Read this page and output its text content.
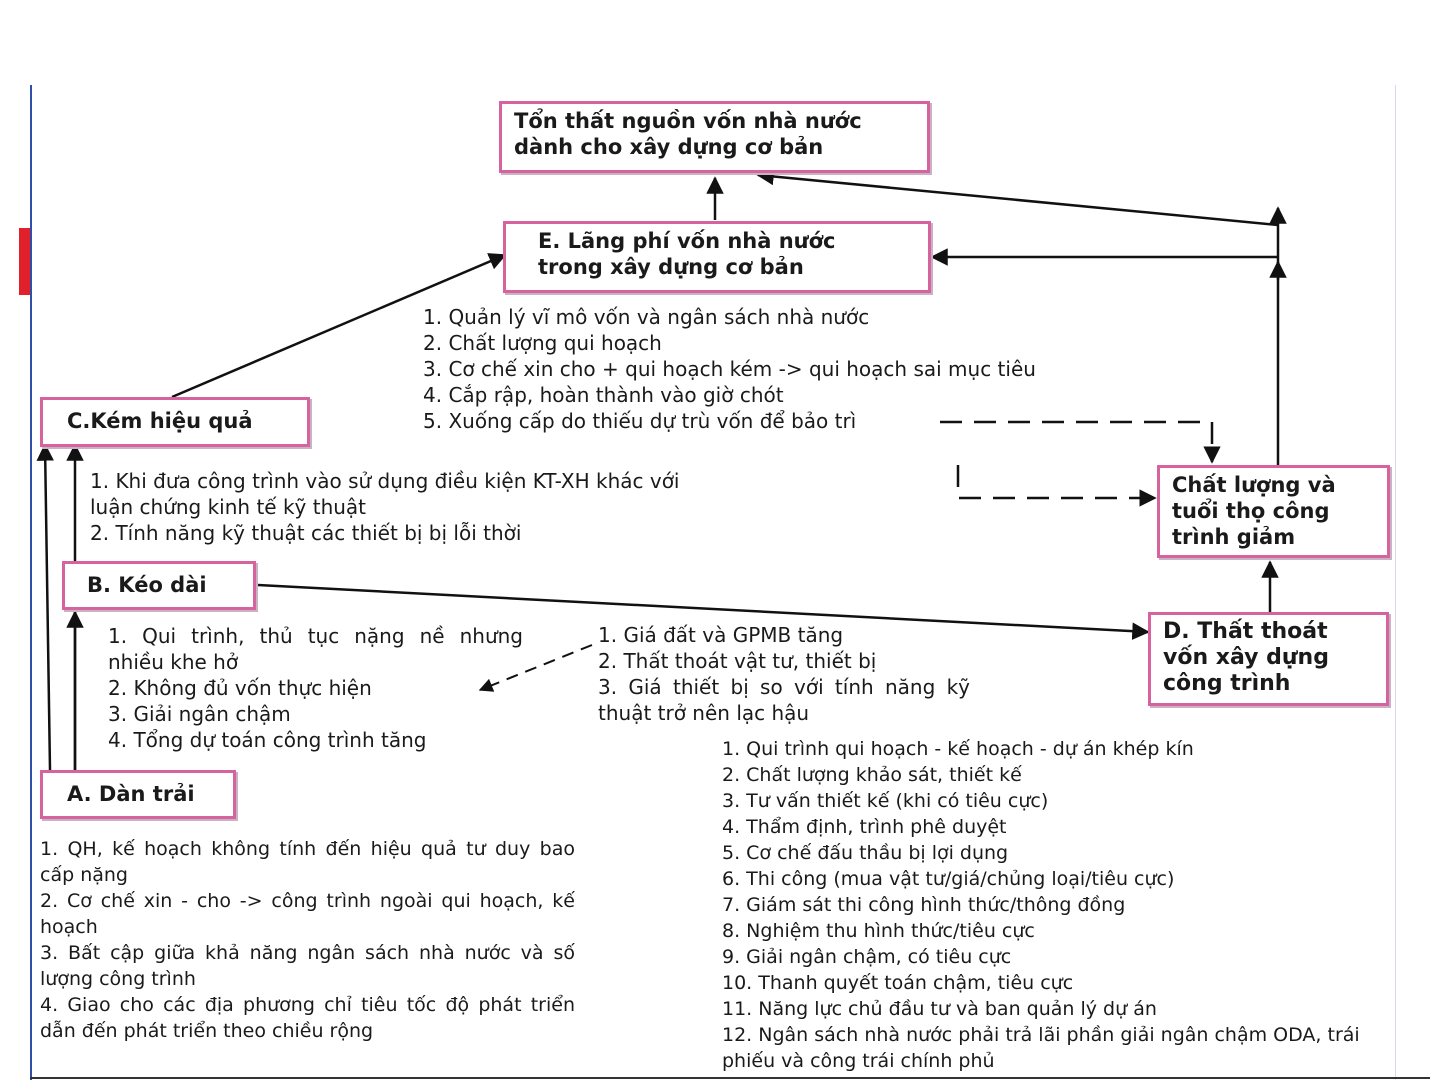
Tổn thất nguồn vốn nhà nước
dành cho xây dựng cơ bản
E. Lãng phí vốn nhà nước
trong xây dựng cơ bản
C.Kém hiệu quả
B. Kéo dài
A. Dàn trải
Chất lượng và
tuổi thọ công
trình giảm
D. Thất thoát
vốn xây dựng
công trình
1. Quản lý vĩ mô vốn và ngân sách nhà nước
2. Chất lượng qui hoạch
3. Cơ chế xin cho + qui hoạch kém -> qui hoạch sai mục tiêu
4. Cắp rập, hoàn thành vào giờ chót
5. Xuống cấp do thiếu dự trù vốn để bảo trì
1. Khi đưa công trình vào sử dụng điều kiện KT-XH khác với luận chứng kinh tế kỹ thuật
2. Tính năng kỹ thuật các thiết bị bị lỗi thời
1. Qui trình, thủ tục nặng nề nhưng nhiều khe hở
2. Không đủ vốn thực hiện
3. Giải ngân chậm
4. Tổng dự toán công trình tăng
1. Giá đất và GPMB tăng
2. Thất thoát vật tư, thiết bị
3. Giá thiết bị so với tính năng kỹ thuật trở nên lạc hậu
1. QH, kế hoạch không tính đến hiệu quả tư duy bao cấp nặng
2. Cơ chế xin - cho -> công trình ngoài qui hoạch, kế hoạch
3. Bất cập giữa khả năng ngân sách nhà nước và số lượng công trình
4. Giao cho các địa phương chỉ tiêu tốc độ phát triển dẫn đến phát triển theo chiều rộng
1. Qui trình qui hoạch - kế hoạch - dự án khép kín
2. Chất lượng khảo sát, thiết kế
3. Tư vấn thiết kế (khi có tiêu cực)
4. Thẩm định, trình phê duyệt
5. Cơ chế đấu thầu bị lợi dụng
6. Thi công (mua vật tư/giá/chủng loại/tiêu cực)
7. Giám sát thi công hình thức/thông đồng
8. Nghiệm thu hình thức/tiêu cực
9. Giải ngân chậm, có tiêu cực
10. Thanh quyết toán chậm, tiêu cực
11. Năng lực chủ đầu tư và ban quản lý dự án
12. Ngân sách nhà nước phải trả lãi phần giải ngân chậm ODA, trái phiếu và công trái chính phủ
